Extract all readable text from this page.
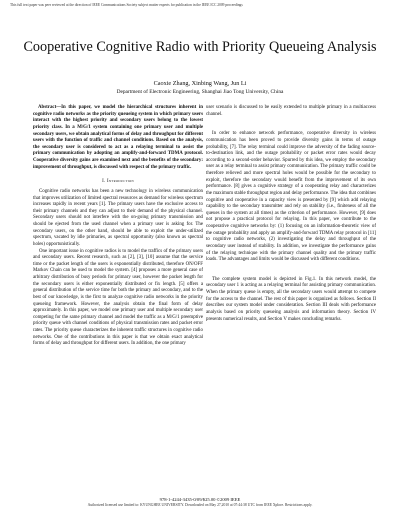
This full text paper was peer reviewed at the direction of IEEE Communications Society subject matter experts for publication in the IEEE ICC 2009 proceedings
Cooperative Cognitive Radio with Priority Queueing Analysis
Caoxie Zhang, Xinbing Wang, Jun Li
Department of Electronic Engineering, Shanghai Jiao Tong University, China

Abstract—In this paper, we model the hierarchical structures inherent in cognitive radio networks as the priority queueing system in which primary users interact with the highest priority and secondary users belong to the lowest priority class. In a M/G/1 system containing one primary user and multiple secondary users, we obtain analytical forms of delay and throughput for different users with the function of traffic and channel conditions. Based on the analysis, the secondary user is considered to act as a relaying terminal to assist the primary communication by adopting an amplify-and-forward TDMA protocol. Cooperative diversity gains are examined next and the benefits of the secondary: improvement of throughput, is discussed with respect of the primary traffic.

I. Introduction

Cognitive radio networks has been a new technology in wireless communication that improves utilization of limited spectral resources as demand for wireless spectrum increases rapidly in recent years [1]. The primary users have the exclusive access to their primary channels and they can adjust to their demand of the physical channel. Secondary users should not interfere with the on-going primary transmission and should be ejected from the used channel when a primary user is asking for. The secondary users, on the other hand, should be able to exploit the under-utilized spectrum, vacated by idle primaries, as spectral opportunity (also known as spectral holes) opportunistically.

One important issue in cognitive radios is to model the traffics of the primary users and secondary users. Recent research, such as [2], [3], [10] assume that the service time or the packet length of the users is exponentially distributed, therefore ON/OFF Markov Chain can be used to model the system. [4] proposes a more general case of arbitrary distribution of busy periods for primary user, however the packet length for the secondary users is either exponentially distributed or fix length. [5] offers a general distribution of the service time for both the primary and secondary, and to the best of our knowledge, is the first to analyze cognitive radio networks in the priority queueing framework. However, the analysis obtain the final form of delay approximately. In this paper, we model one primary user and multiple secondary user competing for the same primary channel and model the traffic as a M/G/1 preemptive priority queue with channel conditions of physical transmission rates and packet error rates. The priority queue characterizes the inherent traffic structures in cognitive radio networks. One of the contributions in this paper is that we obtain exact analytical forms of delay and throughput for different users. In addition, the one primary

user scenario is discussed to be easily extended to multiple primary in a multiaccess channel.

In order to enhance network performance, cooperative diversity in wireless communication has been proved to provide diversity gains in terms of outage probability, [7]. The relay terminal could improve the adversity of the fading source-to-destination link, and the outage probability or packet error rates would decay according to a second-order behavior. Spurred by this idea, we employ the secondary user as a relay terminal to assist primary communication. The primary traffic could be therefore relieved and more spectral holes would be possible for the secondary to exploit, therefore the secondary would benefit from the improvement of its own performance. [8] gives a cognitive strategy of a cooperating relay and characterizes the maximum stable throughput region and delay performance. The idea that combines cognitive and cooperative in a capacity view is presented by [9] which add relaying capability to the secondary transmitter and rely on stability (i.e., finiteness of all the queues in the system at all times) as the criterion of performance. However, [9] does not propose a practical protocol for relaying. In this paper, we contribute to the cooperative cognitive networks by: (1) focusing on an information-theoretic view of the outage probability and apply an amplify-and-forward TDMA relay protocol in [11] to cognitive radio networks, (2) investigating the delay and throughput of the secondary user instead of stability. In addition, we investigate the performance gains of the relaying technique with the primary channel quality and the primary traffic loads. The advantages and limits would be discussed with different conditions.

The complete system model is depicted in Fig.1. In this network model, the secondary user 1 is acting as a relaying terminal for assisting primary communication. When the primary queue is empty, all the secondary users would attempt to compete for the access to the channel. The rest of this paper is organized as follows. Section II describes our system model under consideration. Section III deals with performance analysis based on priority queueing analysis and information theory. Section IV presents numerical results, and Section V makes concluding remarks.

978-1-4244-3435-0/09/$25.00 ©2009 IEEE
Authorized licensed use limited to: KYUNGHEE UNIVERSITY. Downloaded on May 27,2010 at 07:44:38 UTC from IEEE Xplore. Restrictions apply.
